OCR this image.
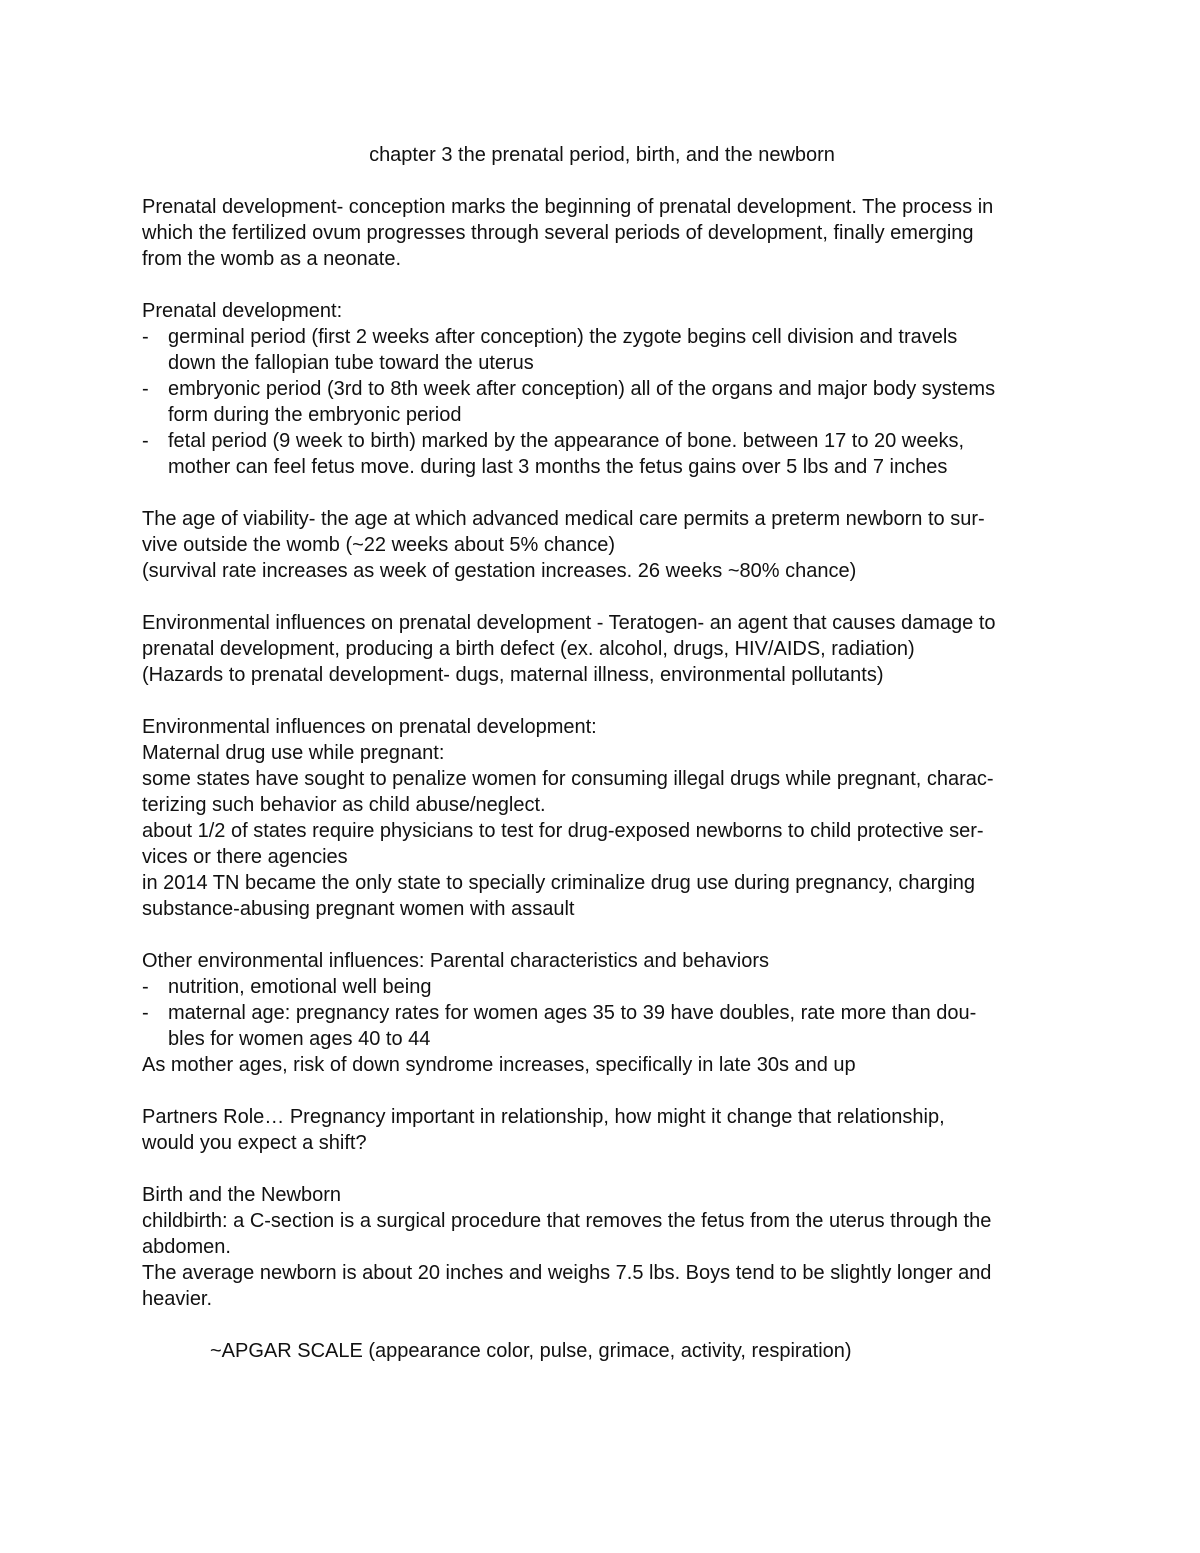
chapter 3 the prenatal period, birth, and the newborn

Prenatal development- conception marks the beginning of prenatal development. The process in

which the fertilized ovum progresses through several periods of development, finally emerging

from the womb as a neonate.

Prenatal development:

- germinal period (first 2 weeks after conception) the zygote begins cell division and travels
down the fallopian tube toward the uterus
- embryonic period (3rd to 8th week after conception) all of the organs and major body systems
form during the embryonic period
- fetal period (9 week to birth) marked by the appearance of bone. between 17 to 20 weeks,
mother can feel fetus move. during last 3 months the fetus gains over 5 lbs and 7 inches

The age of viability- the age at which advanced medical care permits a preterm newborn to sur-

vive outside the womb (~22 weeks about 5% chance)

(survival rate increases as week of gestation increases. 26 weeks ~80% chance)

Environmental influences on prenatal development - Teratogen- an agent that causes damage to

prenatal development, producing a birth defect (ex. alcohol, drugs, HIV/AIDS, radiation)

(Hazards to prenatal development- dugs, maternal illness, environmental pollutants)

Environmental influences on prenatal development:

Maternal drug use while pregnant:

some states have sought to penalize women for consuming illegal drugs while pregnant, charac-

terizing such behavior as child abuse/neglect.

about 1/2 of states require physicians to test for drug-exposed newborns to child protective ser-

vices or there agencies

in 2014 TN became the only state to specially criminalize drug use during pregnancy, charging

substance-abusing pregnant women with assault

Other environmental influences: Parental characteristics and behaviors

- nutrition, emotional well being
- maternal age: pregnancy rates for women ages 35 to 39 have doubles, rate more than dou-
bles for women ages 40 to 44

As mother ages, risk of down syndrome increases, specifically in late 30s and up

Partners Role… Pregnancy important in relationship, how might it change that relationship,

would you expect a shift?

Birth and the Newborn

childbirth: a C-section is a surgical procedure that removes the fetus from the uterus through the

abdomen.

The average newborn is about 20 inches and weighs 7.5 lbs. Boys tend to be slightly longer and

heavier.

~APGAR SCALE (appearance color, pulse, grimace, activity, respiration)
